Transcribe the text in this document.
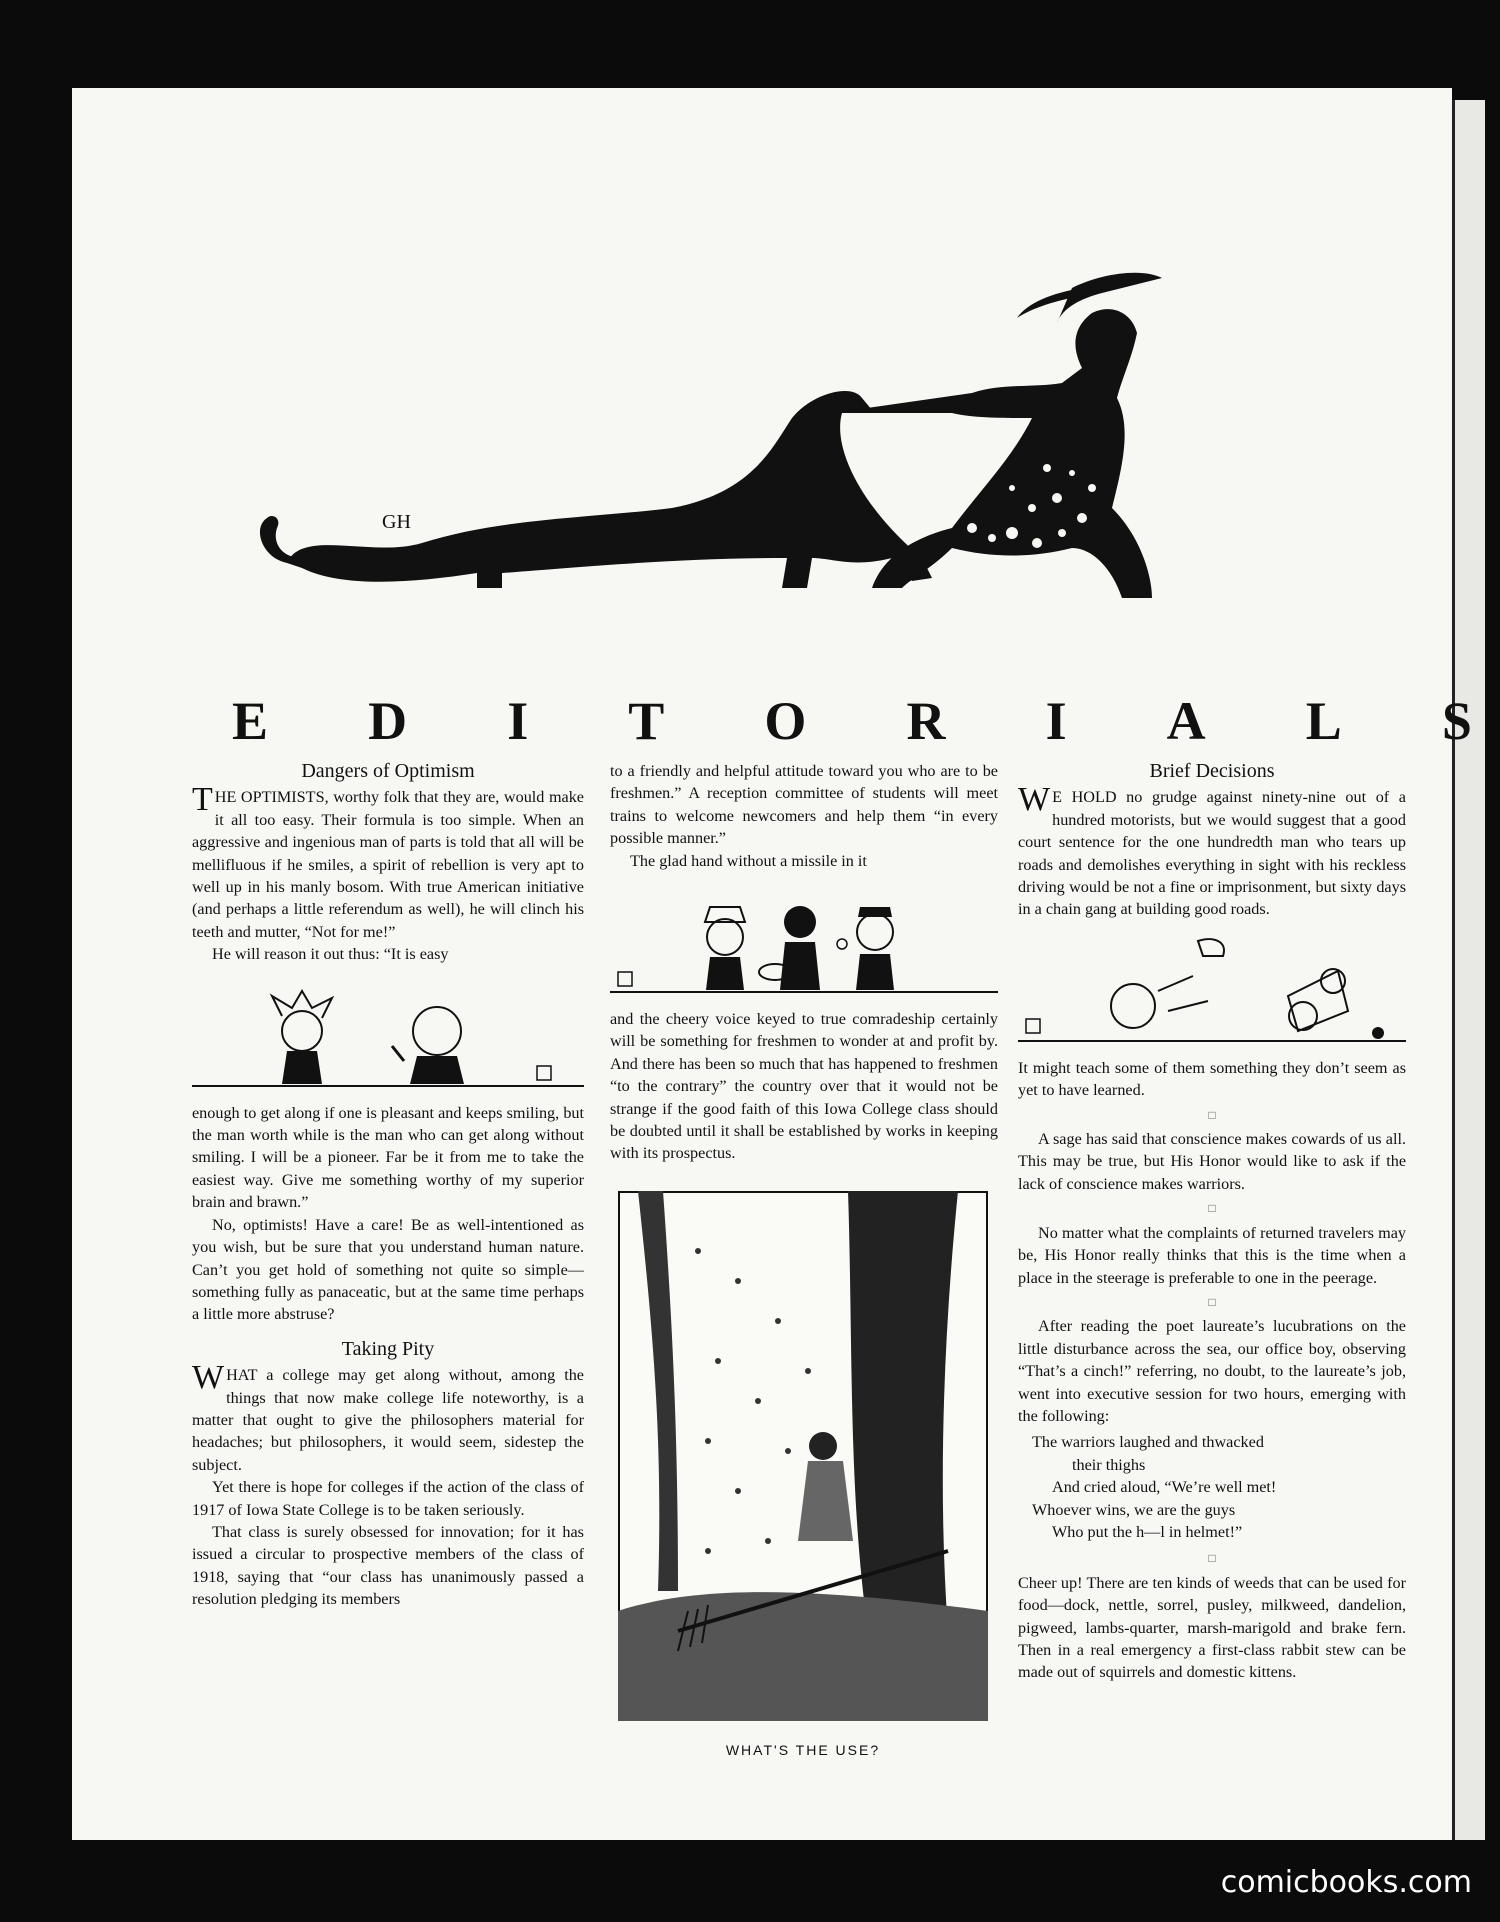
GH
E D I T O R I A L S
Dangers of Optimism

THE OPTIMISTS, worthy folk that they are, would make it all too easy. Their formula is too simple. When an aggressive and ingenious man of parts is told that all will be mellifluous if he smiles, a spirit of rebellion is very apt to well up in his manly bosom. With true American initiative (and perhaps a little referendum as well), he will clinch his teeth and mutter, “Not for me!”

He will reason it out thus: “It is easy

enough to get along if one is pleasant and keeps smiling, but the man worth while is the man who can get along without smiling. I will be a pioneer. Far be it from me to take the easiest way. Give me something worthy of my superior brain and brawn.”

No, optimists! Have a care! Be as well-intentioned as you wish, but be sure that you understand human nature. Can’t you get hold of something not quite so simple—something fully as panaceatic, but at the same time perhaps a little more abstruse?

Taking Pity

WHAT a college may get along without, among the things that now make college life noteworthy, is a matter that ought to give the philosophers material for headaches; but philosophers, it would seem, sidestep the subject.

Yet there is hope for colleges if the action of the class of 1917 of Iowa State College is to be taken seriously.

That class is surely obsessed for innovation; for it has issued a circular to prospective members of the class of 1918, saying that “our class has unanimously passed a resolution pledging its members

to a friendly and helpful attitude toward you who are to be freshmen.” A reception committee of students will meet trains to welcome newcomers and help them “in every possible manner.”

The glad hand without a missile in it

and the cheery voice keyed to true comradeship certainly will be something for freshmen to wonder at and profit by. And there has been so much that has happened to freshmen “to the contrary” the country over that it would not be strange if the good faith of this Iowa College class should be doubted until it shall be established by works in keeping with its prospectus.

WHAT'S THE USE?
Brief Decisions

W E HOLD no grudge against ninety-nine out of a hundred motorists, but we would suggest that a good court sentence for the one hundredth man who tears up roads and demolishes everything in sight with his reckless driving would be not a fine or imprisonment, but sixty days in a chain gang at building good roads.

It might teach some of them something they don’t seem as yet to have learned.

□

A sage has said that conscience makes cowards of us all. This may be true, but His Honor would like to ask if the lack of conscience makes warriors.

□

No matter what the complaints of returned travelers may be, His Honor really thinks that this is the time when a place in the steerage is preferable to one in the peerage.

□

After reading the poet laureate’s lucubrations on the little disturbance across the sea, our office boy, observing “That’s a cinch!” referring, no doubt, to the laureate’s job, went into executive session for two hours, emerging with the following:

The warriors laughed and thwacked
their thighs
And cried aloud, “We’re well met!
Whoever wins, we are the guys
Who put the h—l in helmet!”
□

Cheer up! There are ten kinds of weeds that can be used for food—dock, nettle, sorrel, pusley, milkweed, dandelion, pigweed, lambs-quarter, marsh-marigold and brake fern. Then in a real emergency a first-class rabbit stew can be made out of squirrels and domestic kittens.

comicbooks.com
